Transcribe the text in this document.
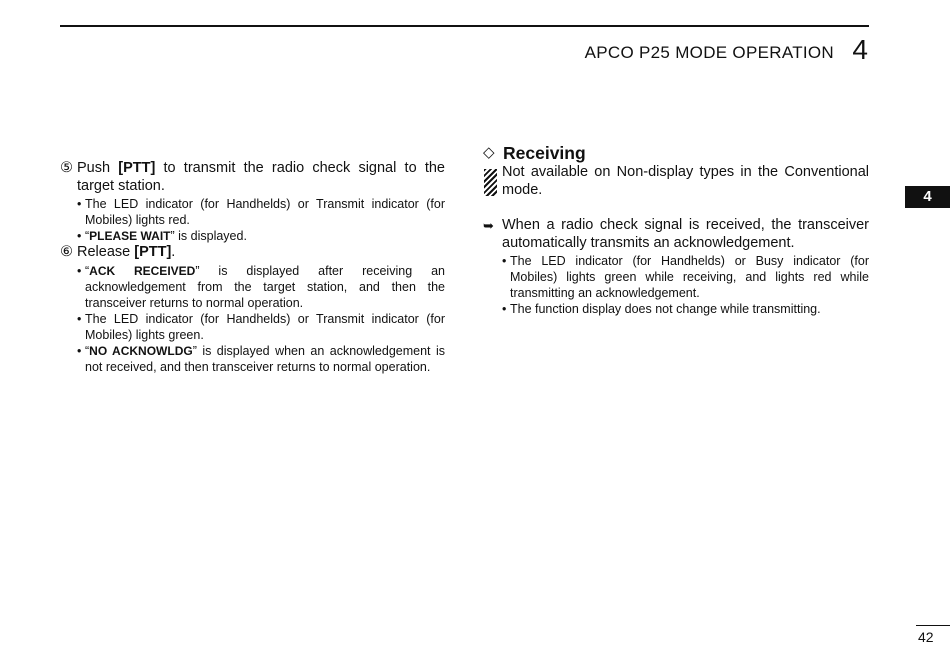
APCO P25 MODE OPERATION 4
4
42
⑤ Push [PTT] to transmit the radio check signal to the target station.
• The LED indicator (for Handhelds) or Transmit indicator (for Mobiles) lights red.
• “PLEASE WAIT” is displayed.
⑥ Release [PTT].
• “ACK RECEIVED” is displayed after receiving an acknowledgement from the target station, and then the transceiver returns to normal operation.
• The LED indicator (for Handhelds) or Transmit indicator (for Mobiles) lights green.
• “NO ACKNOWLDG” is displayed when an acknowledgement is not received, and then transceiver returns to normal operation.
◇ Receiving
Not available on Non-display types in the Conventional mode.
➥ When a radio check signal is received, the transceiver automatically transmits an acknowledgement.
• The LED indicator (for Handhelds) or Busy indicator (for Mobiles) lights green while receiving, and lights red while transmitting an acknowledgement.
• The function display does not change while transmitting.
